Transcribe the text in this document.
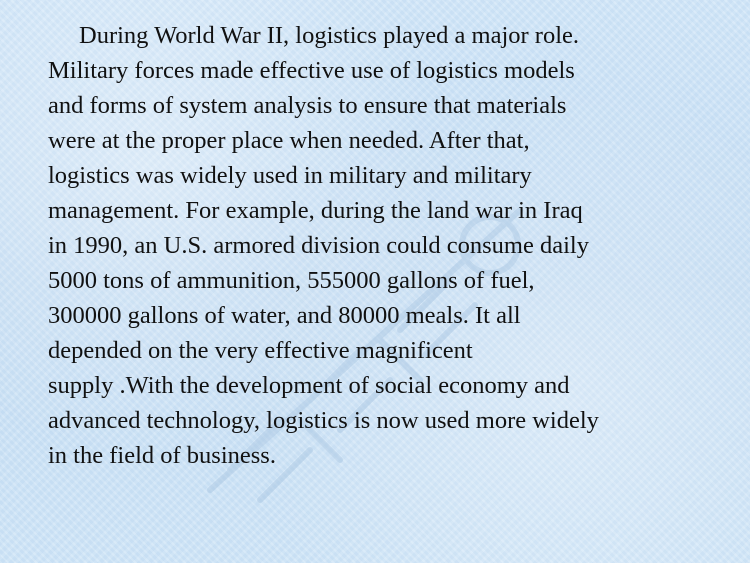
During World War II, logistics played a major role.
Military forces made effective use of logistics models
and forms of system analysis to ensure that materials
were at the proper place when needed. After that,
logistics was widely used in military and military
management. For example, during the land war in Iraq
in 1990, an U.S. armored division could consume daily
5000 tons of ammunition, 555000 gallons of fuel,
300000 gallons of water, and 80000 meals. It all
depended on the very effective magnificent
supply .With the development of social economy and
advanced technology, logistics is now used more widely
in the field of business.
